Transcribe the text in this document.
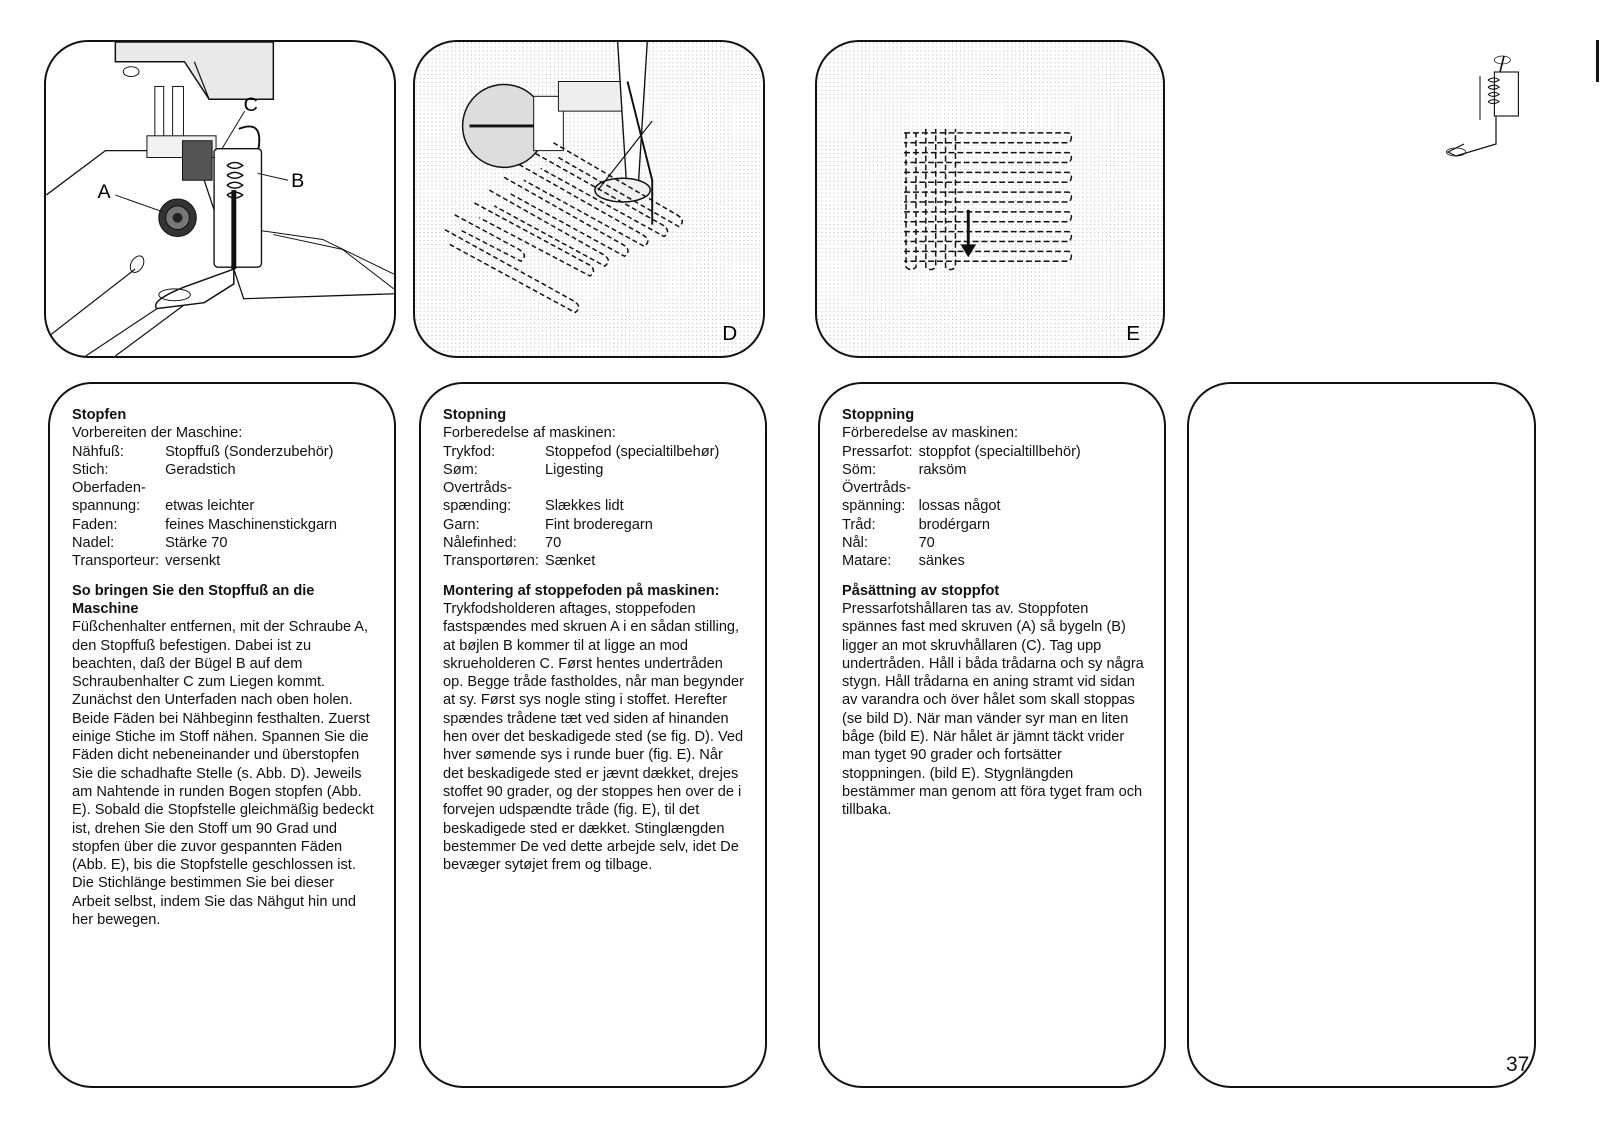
C
B
A
D	E
Stopfen
Vorbereiten der Maschine:
Nähfuß:	Stopffuß (Sonderzubehör)
Stich:	Geradstich
Oberfaden-	
spannung:	etwas leichter
Faden:	feines Maschinenstickgarn
Nadel:	Stärke 70
Transporteur:	versenkt
So bringen Sie den Stopffuß an die Maschine
Füßchenhalter entfernen, mit der Schraube A, den Stopffuß befestigen. Dabei ist zu beachten, daß der Bügel B auf dem Schraubenhalter C zum Liegen kommt. Zunächst den Unterfaden nach oben holen. Beide Fäden bei Nähbeginn festhalten. Zuerst einige Stiche im Stoff nähen. Spannen Sie die Fäden dicht nebeneinander und überstopfen Sie die schadhafte Stelle (s. Abb. D). Jeweils am Nahtende in runden Bogen stopfen (Abb. E). Sobald die Stopfstelle gleichmäßig bedeckt ist, drehen Sie den Stoff um 90 Grad und stopfen über die zuvor gespannten Fäden (Abb. E), bis die Stopfstelle geschlossen ist. Die Stichlänge bestimmen Sie bei dieser Arbeit selbst, indem Sie das Nähgut hin und her bewegen.
Stopning
Forberedelse af maskinen:
Trykfod:	Stoppefod (specialtilbehør)
Søm:	Ligesting
Overtråds-	
spænding:	Slækkes lidt
Garn:	Fint broderegarn
Nålefinhed:	70
Transportøren:	Sænket
Montering af stoppefoden på maskinen:
Trykfodsholderen aftages, stoppefoden fastspændes med skruen A i en sådan stilling, at bøjlen B kommer til at ligge an mod skrueholderen C. Først hentes undertråden op. Begge tråde fastholdes, når man begynder at sy. Først sys nogle sting i stoffet. Herefter spændes trådene tæt ved siden af hinanden hen over det beskadigede sted (se fig. D). Ved hver sømende sys i runde buer (fig. E). Når det beskadigede sted er jævnt dækket, drejes stoffet 90 grader, og der stoppes hen over de i forvejen udspændte tråde (fig. E), til det beskadigede sted er dækket. Stinglængden bestemmer De ved dette arbejde selv, idet De bevæger sytøjet frem og tilbage.
Stoppning
Förberedelse av maskinen:
Pressarfot:	stoppfot (specialtillbehör)
Söm:	raksöm
Övertråds-	
spänning:	lossas något
Tråd:	brodérgarn
Nål:	70
Matare:	sänkes
Påsättning av stoppfot
Pressarfotshållaren tas av. Stoppfoten spännes fast med skruven (A) så bygeln (B) ligger an mot skruvhållaren (C). Tag upp undertråden. Håll i båda trådarna och sy några stygn. Håll trådarna en aning stramt vid sidan av varandra och över hålet som skall stoppas (se bild D). När man vänder syr man en liten båge (bild E). När hålet är jämnt täckt vrider man tyget 90 grader och fortsätter stoppningen. (bild E). Stygnlängden bestämmer man genom att föra tyget fram och tillbaka.
37
